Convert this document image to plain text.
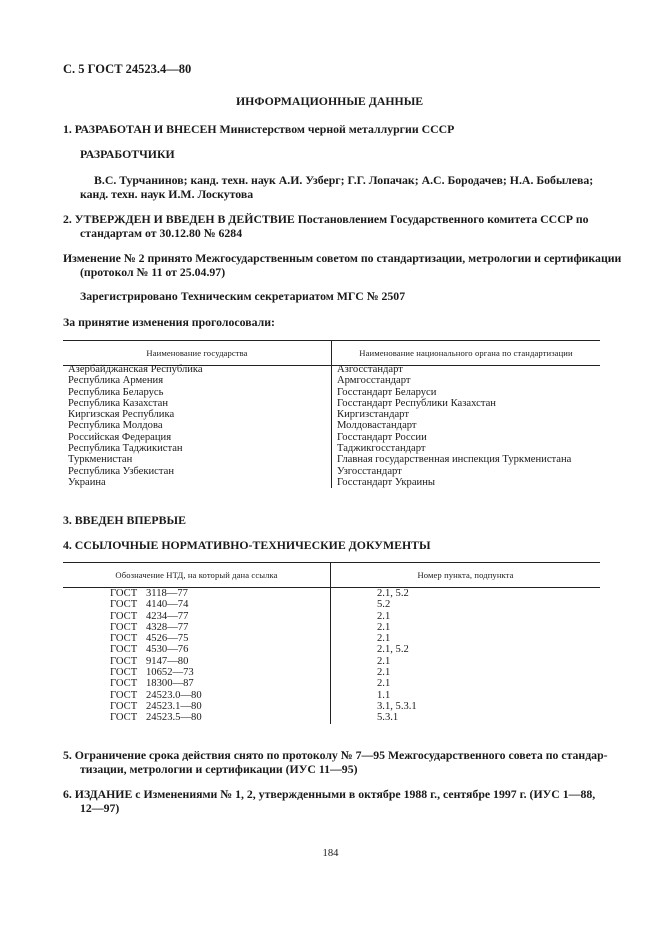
С. 5 ГОСТ 24523.4—80
ИНФОРМАЦИОННЫЕ ДАННЫЕ
1. РАЗРАБОТАН И ВНЕСЕН Министерством черной металлургии СССР
РАЗРАБОТЧИКИ
В.С. Турчанинов; канд. техн. наук А.И. Узберг; Г.Г. Лопачак; А.С. Бородачев; Н.А. Бобылева;
канд. техн. наук И.М. Лоскутова
2. УТВЕРЖДЕН И ВВЕДЕН В ДЕЙСТВИЕ Постановлением Государственного комитета СССР по
стандартам от 30.12.80 № 6284
Изменение № 2 принято Межгосударственным советом по стандартизации, метрологии и сертификации
(протокол № 11 от 25.04.97)
Зарегистрировано Техническим секретариатом МГС № 2507
За принятие изменения проголосовали:
Наименование государства	Наименование национального органа по стандартизации
Азербайджанская Республика
Республика Армения
Республика Беларусь
Республика Казахстан
Киргизская Республика
Республика Молдова
Российская Федерация
Республика Таджикистан
Туркменистан
Республика Узбекистан
Украина
Азгосстандарт
Армгосстандарт
Госстандарт Беларуси
Госстандарт Республики Казахстан
Киргизстандарт
Молдовастандарт
Госстандарт России
Таджикгосстандарт
Главная государственная инспекция Туркменистана
Узгосстандарт
Госстандарт Украины
3. ВВЕДЕН ВПЕРВЫЕ
4. ССЫЛОЧНЫЕ НОРМАТИВНО-ТЕХНИЧЕСКИЕ ДОКУМЕНТЫ
Обозначение НТД, на который дана ссылка	Номер пункта, подпункта
ГОСТ 3118—77
ГОСТ 4140—74
ГОСТ 4234—77
ГОСТ 4328—77
ГОСТ 4526—75
ГОСТ 4530—76
ГОСТ 9147—80
ГОСТ 10652—73
ГОСТ 18300—87
ГОСТ 24523.0—80
ГОСТ 24523.1—80
ГОСТ 24523.5—80
2.1, 5.2
5.2
2.1
2.1
2.1
2.1, 5.2
2.1
2.1
2.1
1.1
3.1, 5.3.1
5.3.1
5. Ограничение срока действия снято по протоколу № 7—95 Межгосударственного совета по стандар-
тизации, метрологии и сертификации (ИУС 11—95)
6. ИЗДАНИЕ с Изменениями № 1, 2, утвержденными в октябре 1988 г., сентябре 1997 г. (ИУС 1—88,
12—97)
184
